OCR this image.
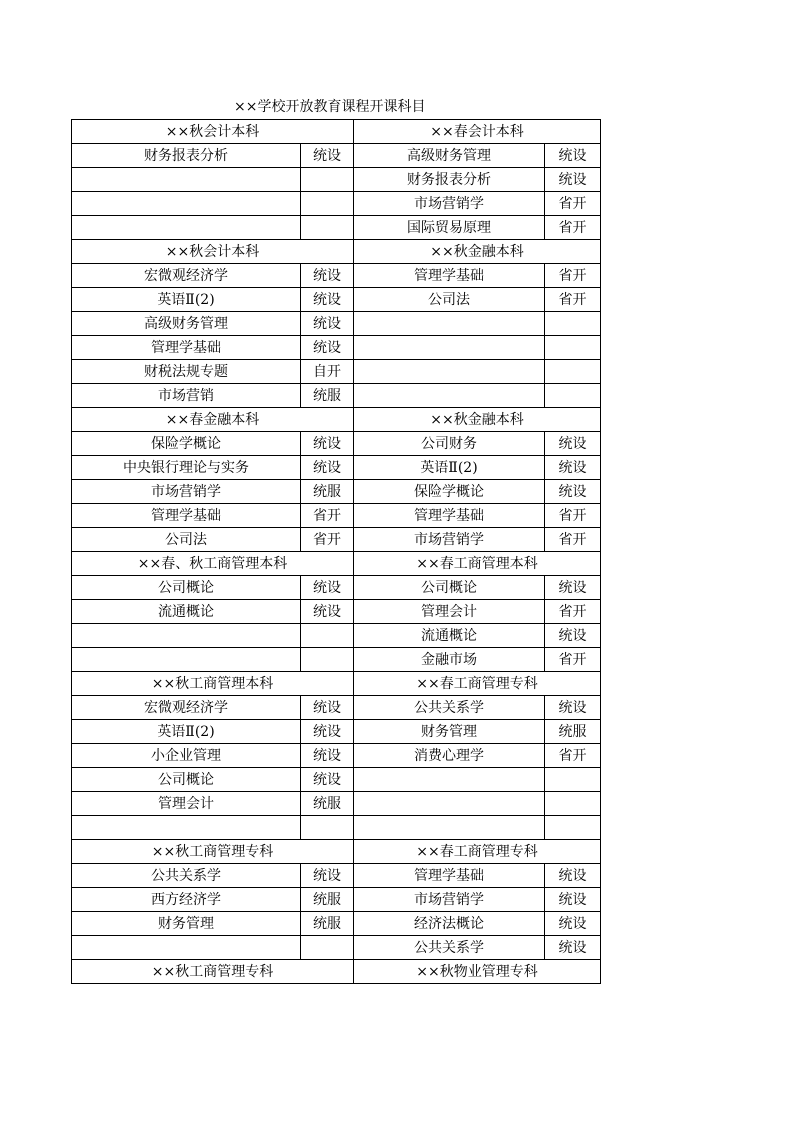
××学校开放教育课程开课科目
××秋会计本科		××春会计本科	
财务报表分析	统设	高级财务管理	统设
		财务报表分析	统设
		市场营销学	省开
		国际贸易原理	省开
××秋会计本科		××秋金融本科	
宏微观经济学	统设	管理学基础	省开
英语Ⅱ(2)	统设	公司法	省开
高级财务管理	统设		
管理学基础	统设		
财税法规专题	自开		
市场营销	统服		
××春金融本科		××秋金融本科	
保险学概论	统设	公司财务	统设
中央银行理论与实务	统设	英语Ⅱ(2)	统设
市场营销学	统服	保险学概论	统设
管理学基础	省开	管理学基础	省开
公司法	省开	市场营销学	省开
××春、秋工商管理本科		××春工商管理本科	
公司概论	统设	公司概论	统设
流通概论	统设	管理会计	省开
		流通概论	统设
		金融市场	省开
××秋工商管理本科		××春工商管理专科	
宏微观经济学	统设	公共关系学	统设
英语Ⅱ(2)	统设	财务管理	统服
小企业管理	统设	消费心理学	省开
公司概论	统设		
管理会计	统服		

××秋工商管理专科		××春工商管理专科	
公共关系学	统设	管理学基础	统设
西方经济学	统服	市场营销学	统设
财务管理	统服	经济法概论	统设
		公共关系学	统设
××秋工商管理专科		××秋物业管理专科	
